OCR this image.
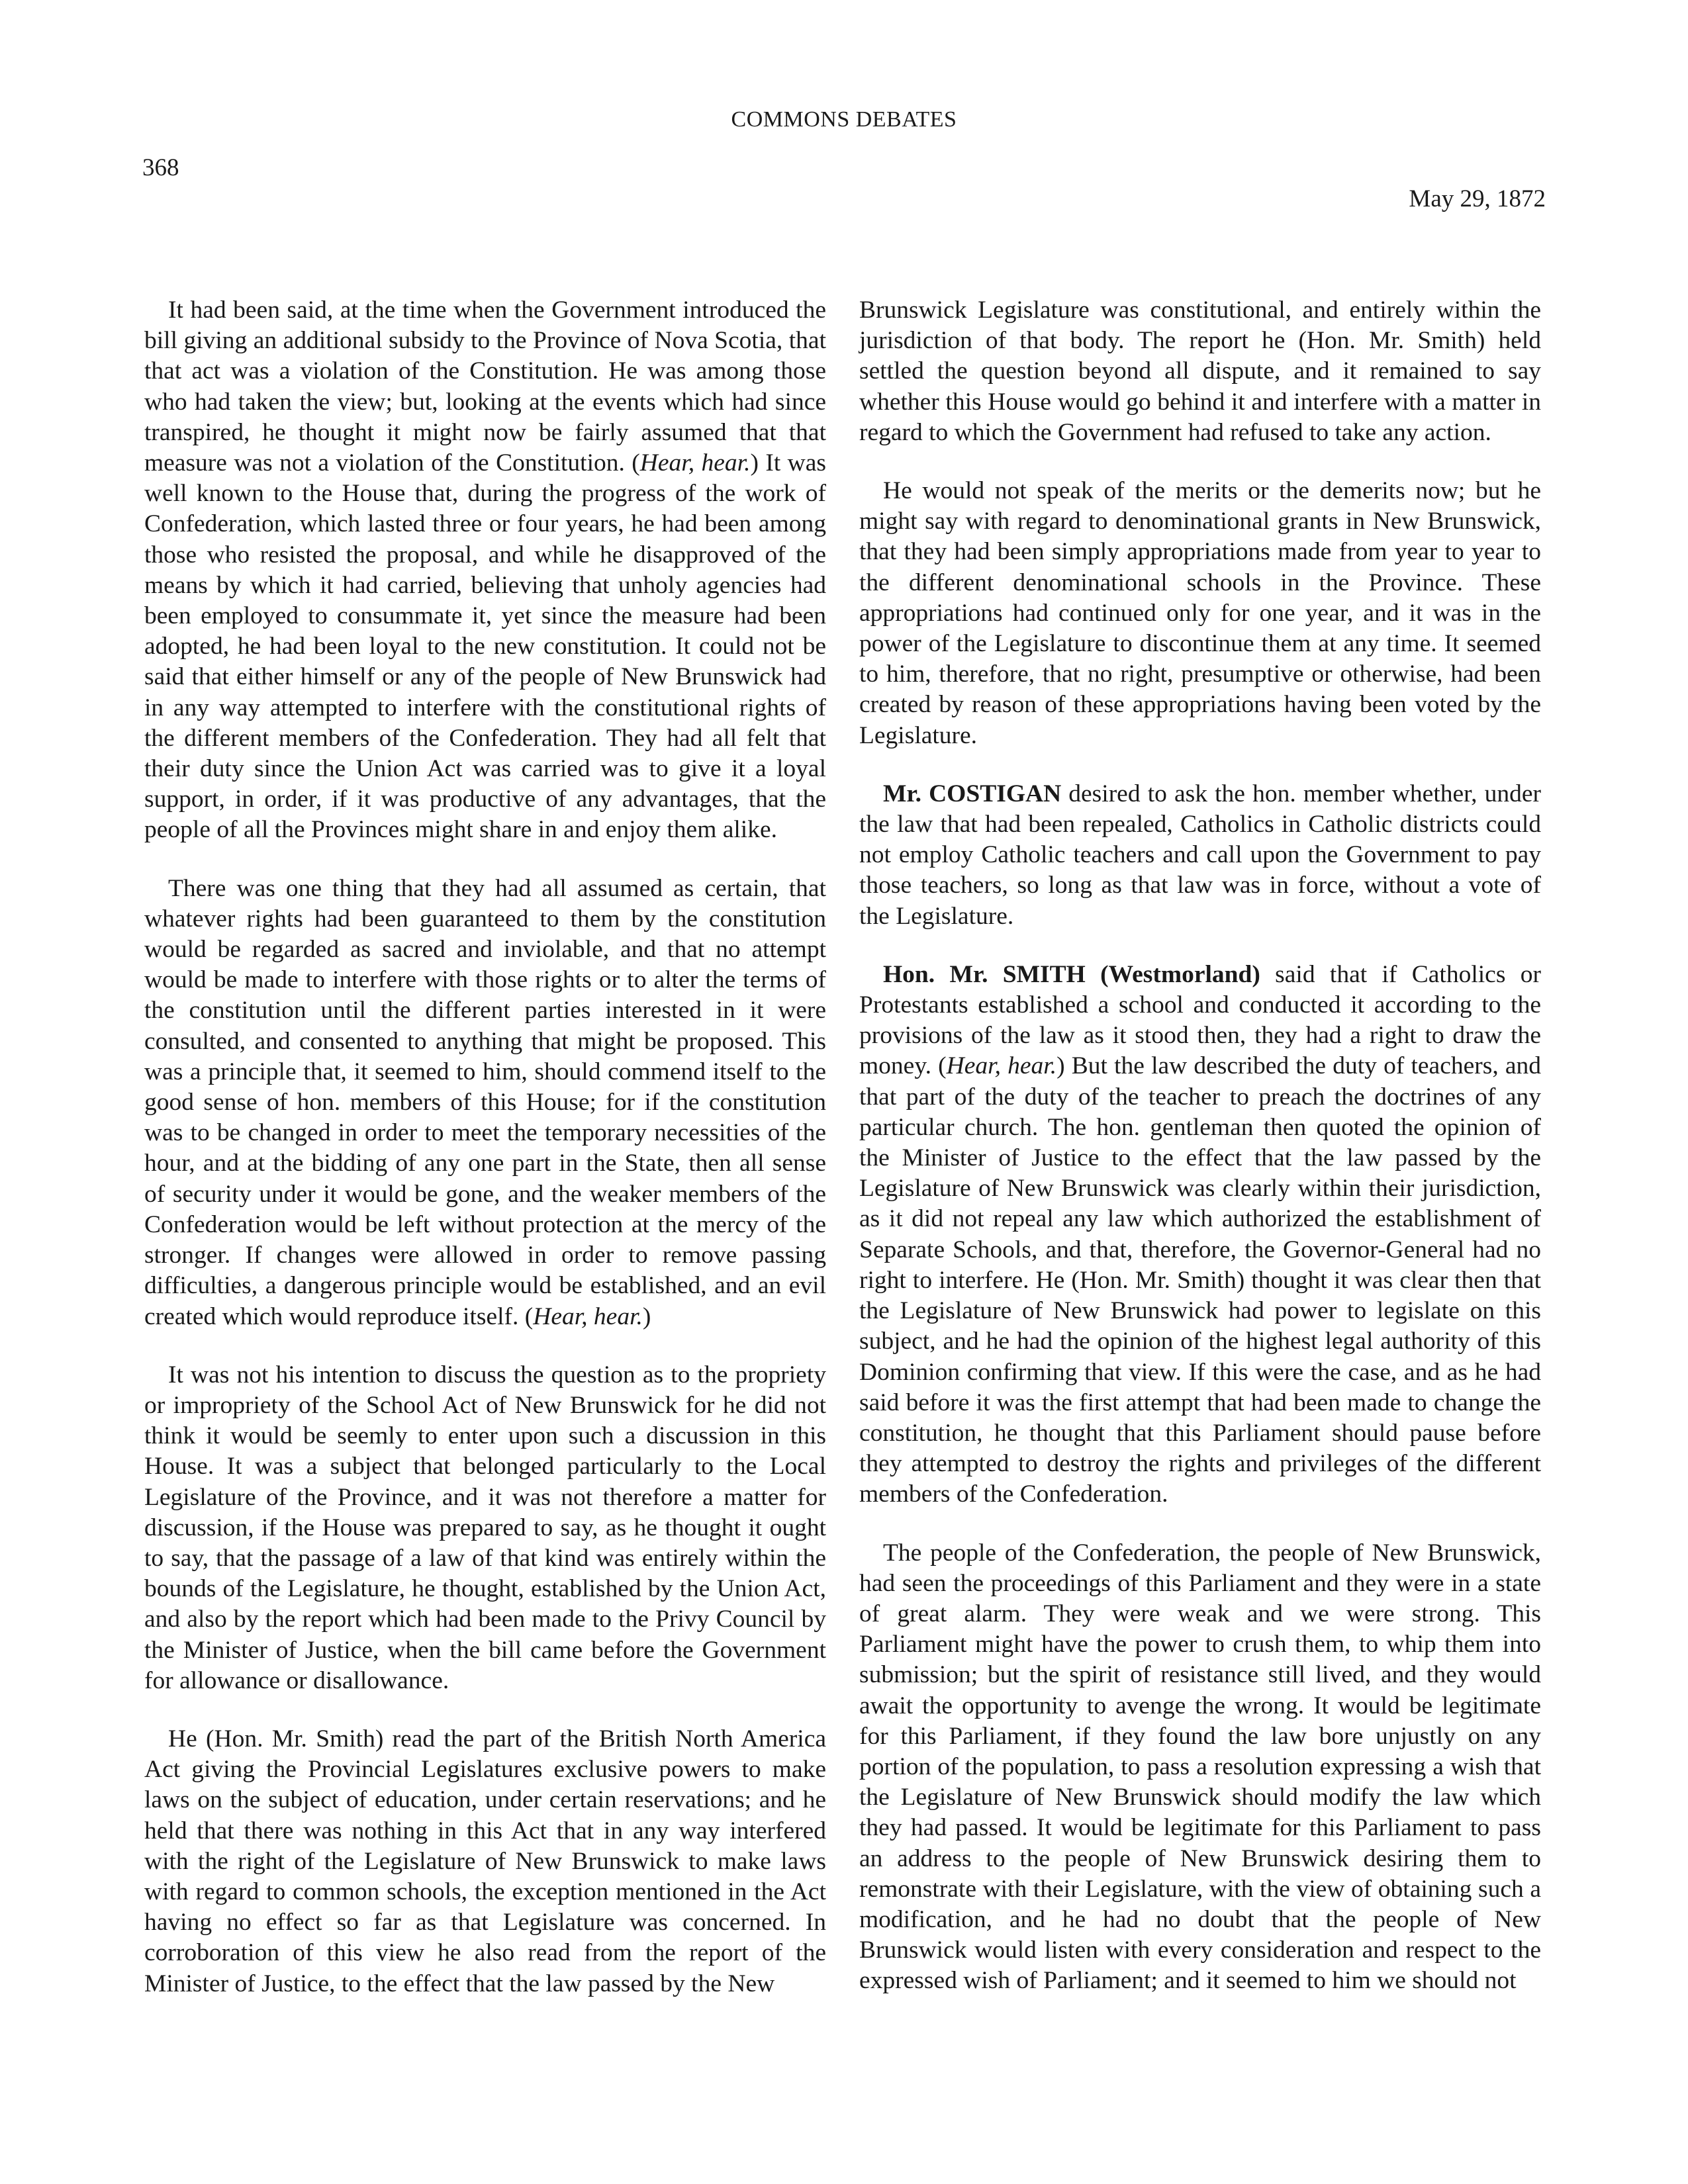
COMMONS DEBATES
368
May 29, 1872

It had been said, at the time when the Government introduced the bill giving an additional subsidy to the Province of Nova Scotia, that that act was a violation of the Constitution. He was among those who had taken the view; but, looking at the events which had since transpired, he thought it might now be fairly assumed that that measure was not a violation of the Constitution. (Hear, hear.) It was well known to the House that, during the progress of the work of Confederation, which lasted three or four years, he had been among those who resisted the proposal, and while he disapproved of the means by which it had carried, believing that unholy agencies had been employed to consummate it, yet since the measure had been adopted, he had been loyal to the new constitution. It could not be said that either himself or any of the people of New Brunswick had in any way attempted to interfere with the constitutional rights of the different members of the Confederation. They had all felt that their duty since the Union Act was carried was to give it a loyal support, in order, if it was productive of any advantages, that the people of all the Provinces might share in and enjoy them alike.

There was one thing that they had all assumed as certain, that whatever rights had been guaranteed to them by the constitution would be regarded as sacred and inviolable, and that no attempt would be made to interfere with those rights or to alter the terms of the constitution until the different parties interested in it were consulted, and consented to anything that might be proposed. This was a principle that, it seemed to him, should commend itself to the good sense of hon. members of this House; for if the constitution was to be changed in order to meet the temporary necessities of the hour, and at the bidding of any one part in the State, then all sense of security under it would be gone, and the weaker members of the Confederation would be left without protection at the mercy of the stronger. If changes were allowed in order to remove passing difficulties, a dangerous principle would be established, and an evil created which would reproduce itself. (Hear, hear.)

It was not his intention to discuss the question as to the propriety or impropriety of the School Act of New Brunswick for he did not think it would be seemly to enter upon such a discussion in this House. It was a subject that belonged particularly to the Local Legislature of the Province, and it was not therefore a matter for discussion, if the House was prepared to say, as he thought it ought to say, that the passage of a law of that kind was entirely within the bounds of the Legislature, he thought, established by the Union Act, and also by the report which had been made to the Privy Council by the Minister of Justice, when the bill came before the Government for allowance or disallowance.

He (Hon. Mr. Smith) read the part of the British North America Act giving the Provincial Legislatures exclusive powers to make laws on the subject of education, under certain reservations; and he held that there was nothing in this Act that in any way interfered with the right of the Legislature of New Brunswick to make laws with regard to common schools, the exception mentioned in the Act having no effect so far as that Legislature was concerned. In corroboration of this view he also read from the report of the Minister of Justice, to the effect that the law passed by the New

Brunswick Legislature was constitutional, and entirely within the jurisdiction of that body. The report he (Hon. Mr. Smith) held settled the question beyond all dispute, and it remained to say whether this House would go behind it and interfere with a matter in regard to which the Government had refused to take any action.

He would not speak of the merits or the demerits now; but he might say with regard to denominational grants in New Brunswick, that they had been simply appropriations made from year to year to the different denominational schools in the Province. These appropriations had continued only for one year, and it was in the power of the Legislature to discontinue them at any time. It seemed to him, therefore, that no right, presumptive or otherwise, had been created by reason of these appropriations having been voted by the Legislature.

Mr. COSTIGAN desired to ask the hon. member whether, under the law that had been repealed, Catholics in Catholic districts could not employ Catholic teachers and call upon the Government to pay those teachers, so long as that law was in force, without a vote of the Legislature.

Hon. Mr. SMITH (Westmorland) said that if Catholics or Protestants established a school and conducted it according to the provisions of the law as it stood then, they had a right to draw the money. (Hear, hear.) But the law described the duty of teachers, and that part of the duty of the teacher to preach the doctrines of any particular church. The hon. gentleman then quoted the opinion of the Minister of Justice to the effect that the law passed by the Legislature of New Brunswick was clearly within their jurisdiction, as it did not repeal any law which authorized the establishment of Separate Schools, and that, therefore, the Governor-General had no right to interfere. He (Hon. Mr. Smith) thought it was clear then that the Legislature of New Brunswick had power to legislate on this subject, and he had the opinion of the highest legal authority of this Dominion confirming that view. If this were the case, and as he had said before it was the first attempt that had been made to change the constitution, he thought that this Parliament should pause before they attempted to destroy the rights and privileges of the different members of the Confederation.

The people of the Confederation, the people of New Brunswick, had seen the proceedings of this Parliament and they were in a state of great alarm. They were weak and we were strong. This Parliament might have the power to crush them, to whip them into submission; but the spirit of resistance still lived, and they would await the opportunity to avenge the wrong. It would be legitimate for this Parliament, if they found the law bore unjustly on any portion of the population, to pass a resolution expressing a wish that the Legislature of New Brunswick should modify the law which they had passed. It would be legitimate for this Parliament to pass an address to the people of New Brunswick desiring them to remonstrate with their Legislature, with the view of obtaining such a modification, and he had no doubt that the people of New Brunswick would listen with every consideration and respect to the expressed wish of Parliament; and it seemed to him we should not
